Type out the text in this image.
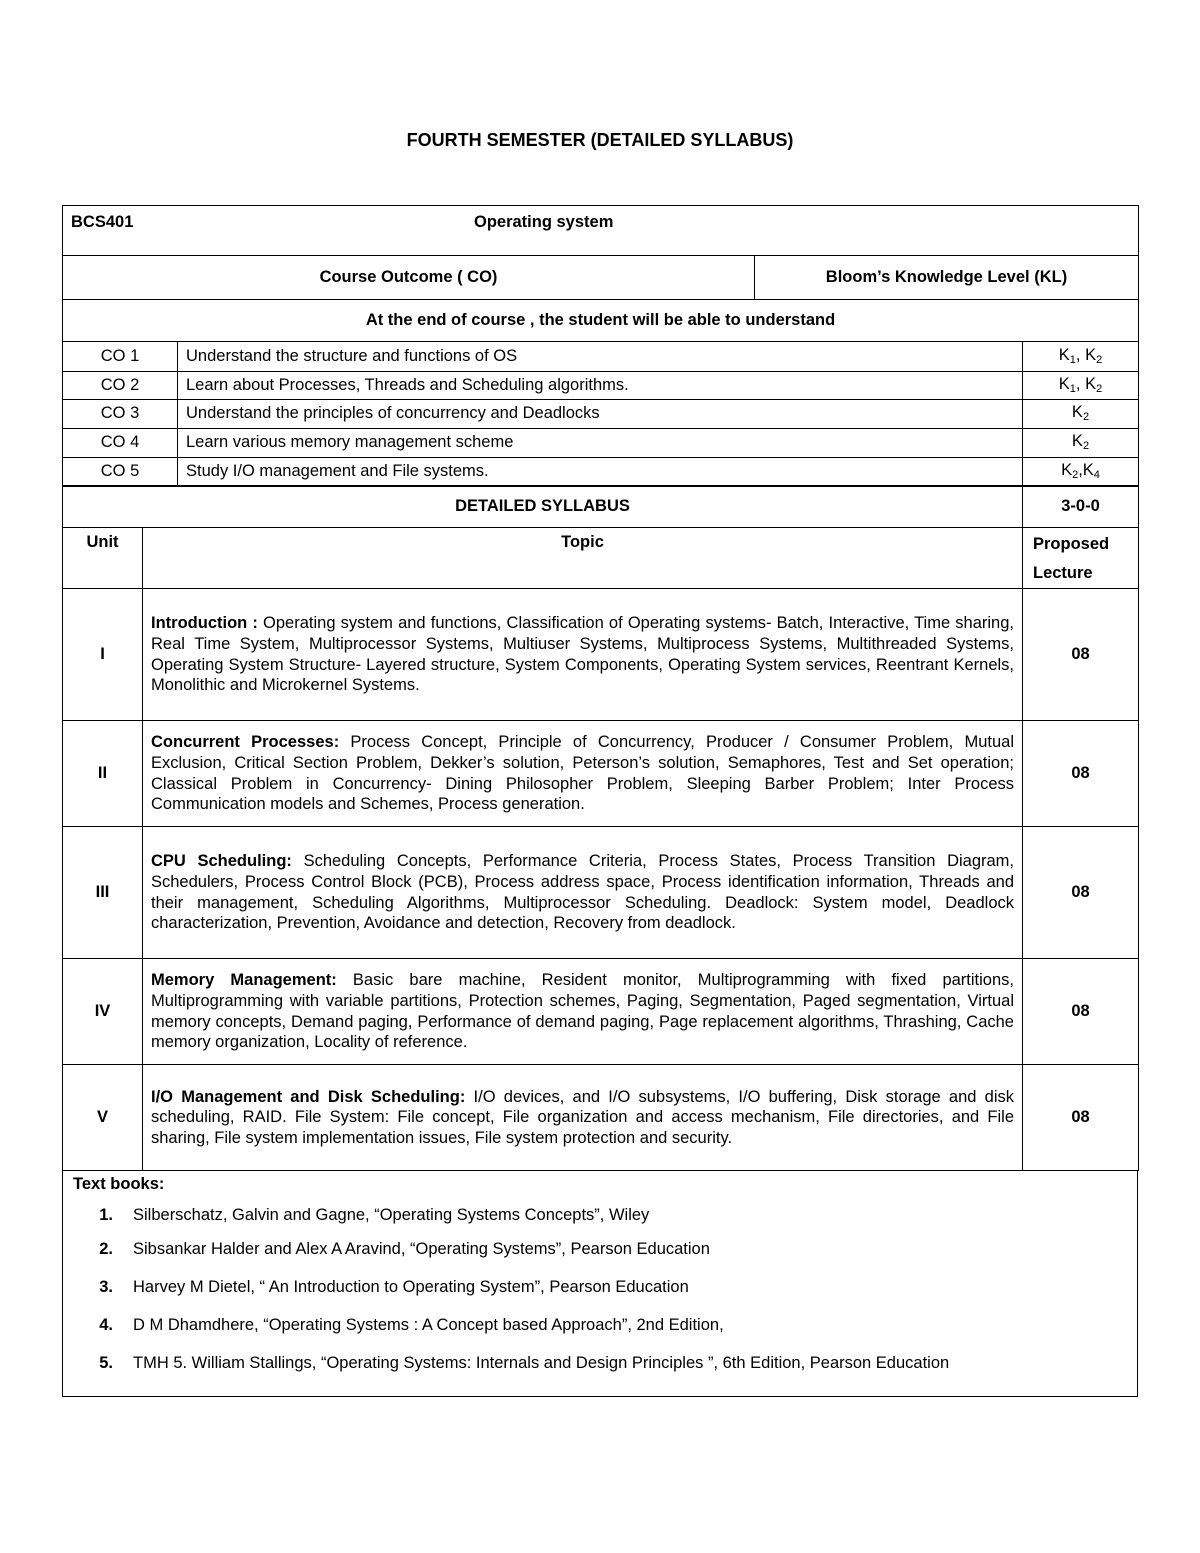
FOURTH SEMESTER (DETAILED SYLLABUS)
BCS401	Operating system

Course Outcome ( CO)	Bloom’s Knowledge Level (KL)
At the end of course , the student will be able to understand
CO 1	Understand the structure and functions of OS	$K_1$, $K_2$
CO 2	Learn about Processes, Threads and Scheduling algorithms.	$K_1$, $K_2$
CO 3	Understand the principles of concurrency and Deadlocks	$K_2$
CO 4	Learn various memory management scheme	$K_2$
CO 5	Study I/O management and File systems.	$K_2,K_4$
DETAILED SYLLABUS		3-0-0
Unit	Topic	Proposed Lecture
I	Introduction : Operating system and functions, Classification of Operating systems- Batch, Interactive, Time sharing, Real Time System, Multiprocessor Systems, Multiuser Systems, Multiprocess Systems, Multithreaded Systems, Operating System Structure- Layered structure, System Components, Operating System services, Reentrant Kernels, Monolithic and Microkernel Systems.	08
II	Concurrent Processes: Process Concept, Principle of Concurrency, Producer / Consumer Problem, Mutual Exclusion, Critical Section Problem, Dekker’s solution, Peterson’s solution, Semaphores, Test and Set operation; Classical Problem in Concurrency- Dining Philosopher Problem, Sleeping Barber Problem; Inter Process Communication models and Schemes, Process generation.	08
III	CPU Scheduling: Scheduling Concepts, Performance Criteria, Process States, Process Transition Diagram, Schedulers, Process Control Block (PCB), Process address space, Process identification information, Threads and their management, Scheduling Algorithms, Multiprocessor Scheduling. Deadlock: System model, Deadlock characterization, Prevention, Avoidance and detection, Recovery from deadlock.	08
IV	Memory Management: Basic bare machine, Resident monitor, Multiprogramming with fixed partitions, Multiprogramming with variable partitions, Protection schemes, Paging, Segmentation, Paged segmentation, Virtual memory concepts, Demand paging, Performance of demand paging, Page replacement algorithms, Thrashing, Cache memory organization, Locality of reference.	08
V	I/O Management and Disk Scheduling: I/O devices, and I/O subsystems, I/O buffering, Disk storage and disk scheduling, RAID. File System: File concept, File organization and access mechanism, File directories, and File sharing, File system implementation issues, File system protection and security.	08
Text books:
1.	Silberschatz, Galvin and Gagne, “Operating Systems Concepts”, Wiley
2.	Sibsankar Halder and Alex A Aravind, “Operating Systems”, Pearson Education
3.	Harvey M Dietel, “ An Introduction to Operating System”, Pearson Education
4.	D M Dhamdhere, “Operating Systems : A Concept based Approach”, 2nd Edition,
5.	TMH 5. William Stallings, “Operating Systems: Internals and Design Principles ”, 6th Edition, Pearson Education
